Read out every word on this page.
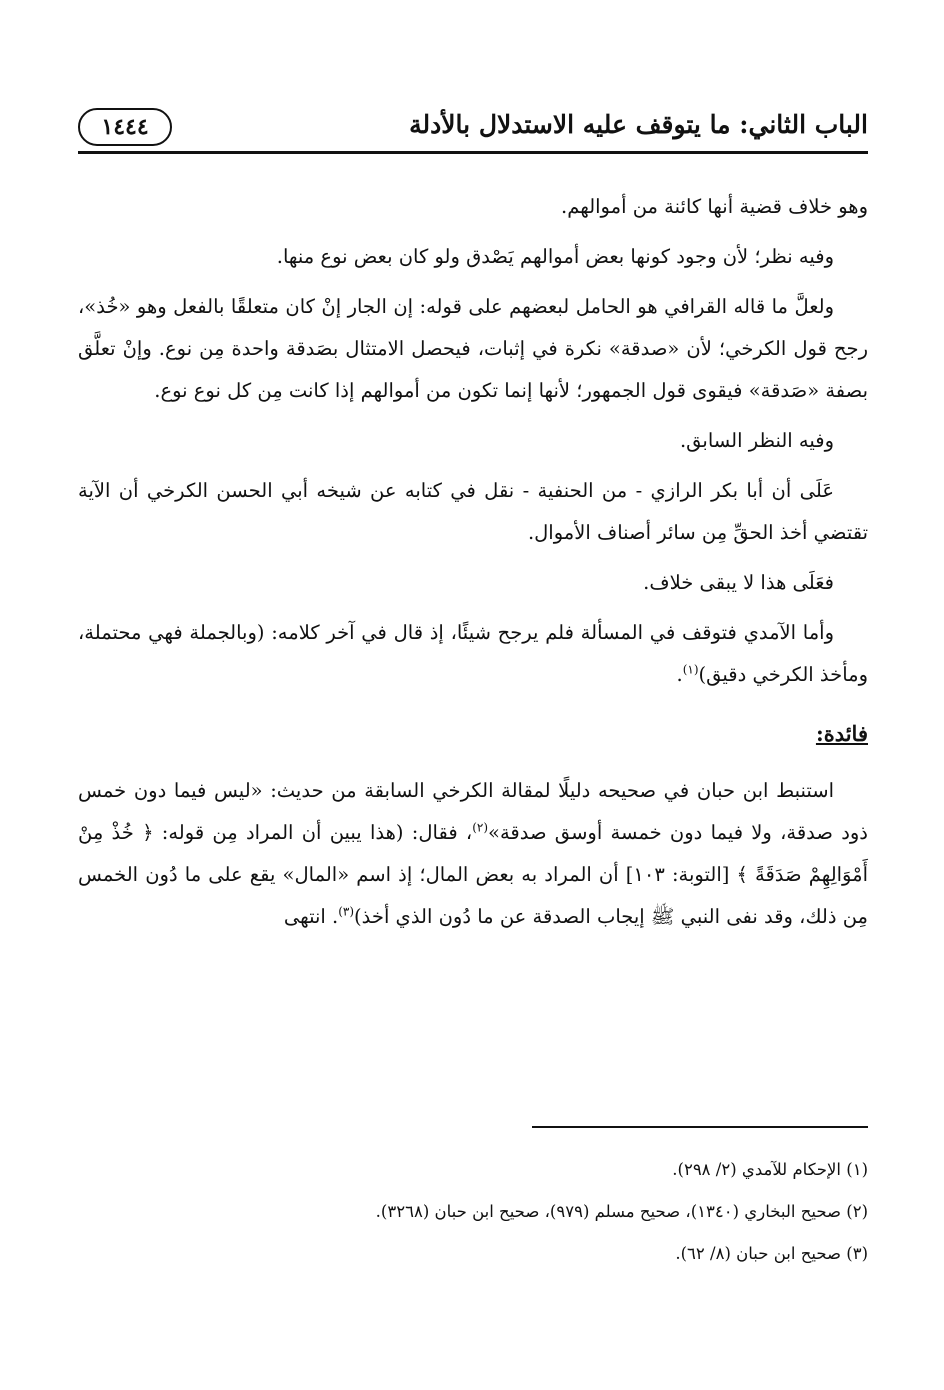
الباب الثاني: ما يتوقف عليه الاستدلال بالأدلة
١٤٤٤

وهو خلاف قضية أنها كائنة من أموالهم.

وفيه نظر؛ لأن وجود كونها بعض أموالهم يَصْدق ولو كان بعض نوع منها.

ولعلَّ ما قاله القرافي هو الحامل لبعضهم على قوله: إن الجار إنْ كان متعلقًا بالفعل وهو «خُذ»، رجح قول الكرخي؛ لأن «صدقة» نكرة في إثبات، فيحصل الامتثال بصَدقة واحدة مِن نوع. وإنْ تعلَّق بصفة «صَدقة» فيقوى قول الجمهور؛ لأنها إنما تكون من أموالهم إذا كانت مِن كل نوع نوع.

وفيه النظر السابق.

عَلَى أن أبا بكر الرازي - من الحنفية - نقل في كتابه عن شيخه أبي الحسن الكرخي أن الآية تقتضي أخذ الحقِّ مِن سائر أصناف الأموال.

فعَلَى هذا لا يبقى خلاف.

وأما الآمدي فتوقف في المسألة فلم يرجح شيئًا، إذ قال في آخر كلامه: (وبالجملة فهي محتملة، ومأخذ الكرخي دقيق)$^{(١)}$.

فائدة:

استنبط ابن حبان في صحيحه دليلًا لمقالة الكرخي السابقة من حديث: «ليس فيما دون خمس ذود صدقة، ولا فيما دون خمسة أوسق صدقة»$^{(٢)}$، فقال: (هذا يبين أن المراد مِن قوله: ﴿ خُذْ مِنْ أَمْوَالِهِمْ صَدَقَةً ﴾ [التوبة: ١٠٣] أن المراد به بعض المال؛ إذ اسم «المال» يقع على ما دُون الخمس مِن ذلك، وقد نفى النبي ﷺ إيجاب الصدقة عن ما دُون الذي أخذ)$^{(٣)}$. انتهى

(١) الإحكام للآمدي (٢/ ٢٩٨).

(٢) صحيح البخاري (١٣٤٠)، صحيح مسلم (٩٧٩)، صحيح ابن حبان (٣٢٦٨).

(٣) صحيح ابن حبان (٨/ ٦٢).
